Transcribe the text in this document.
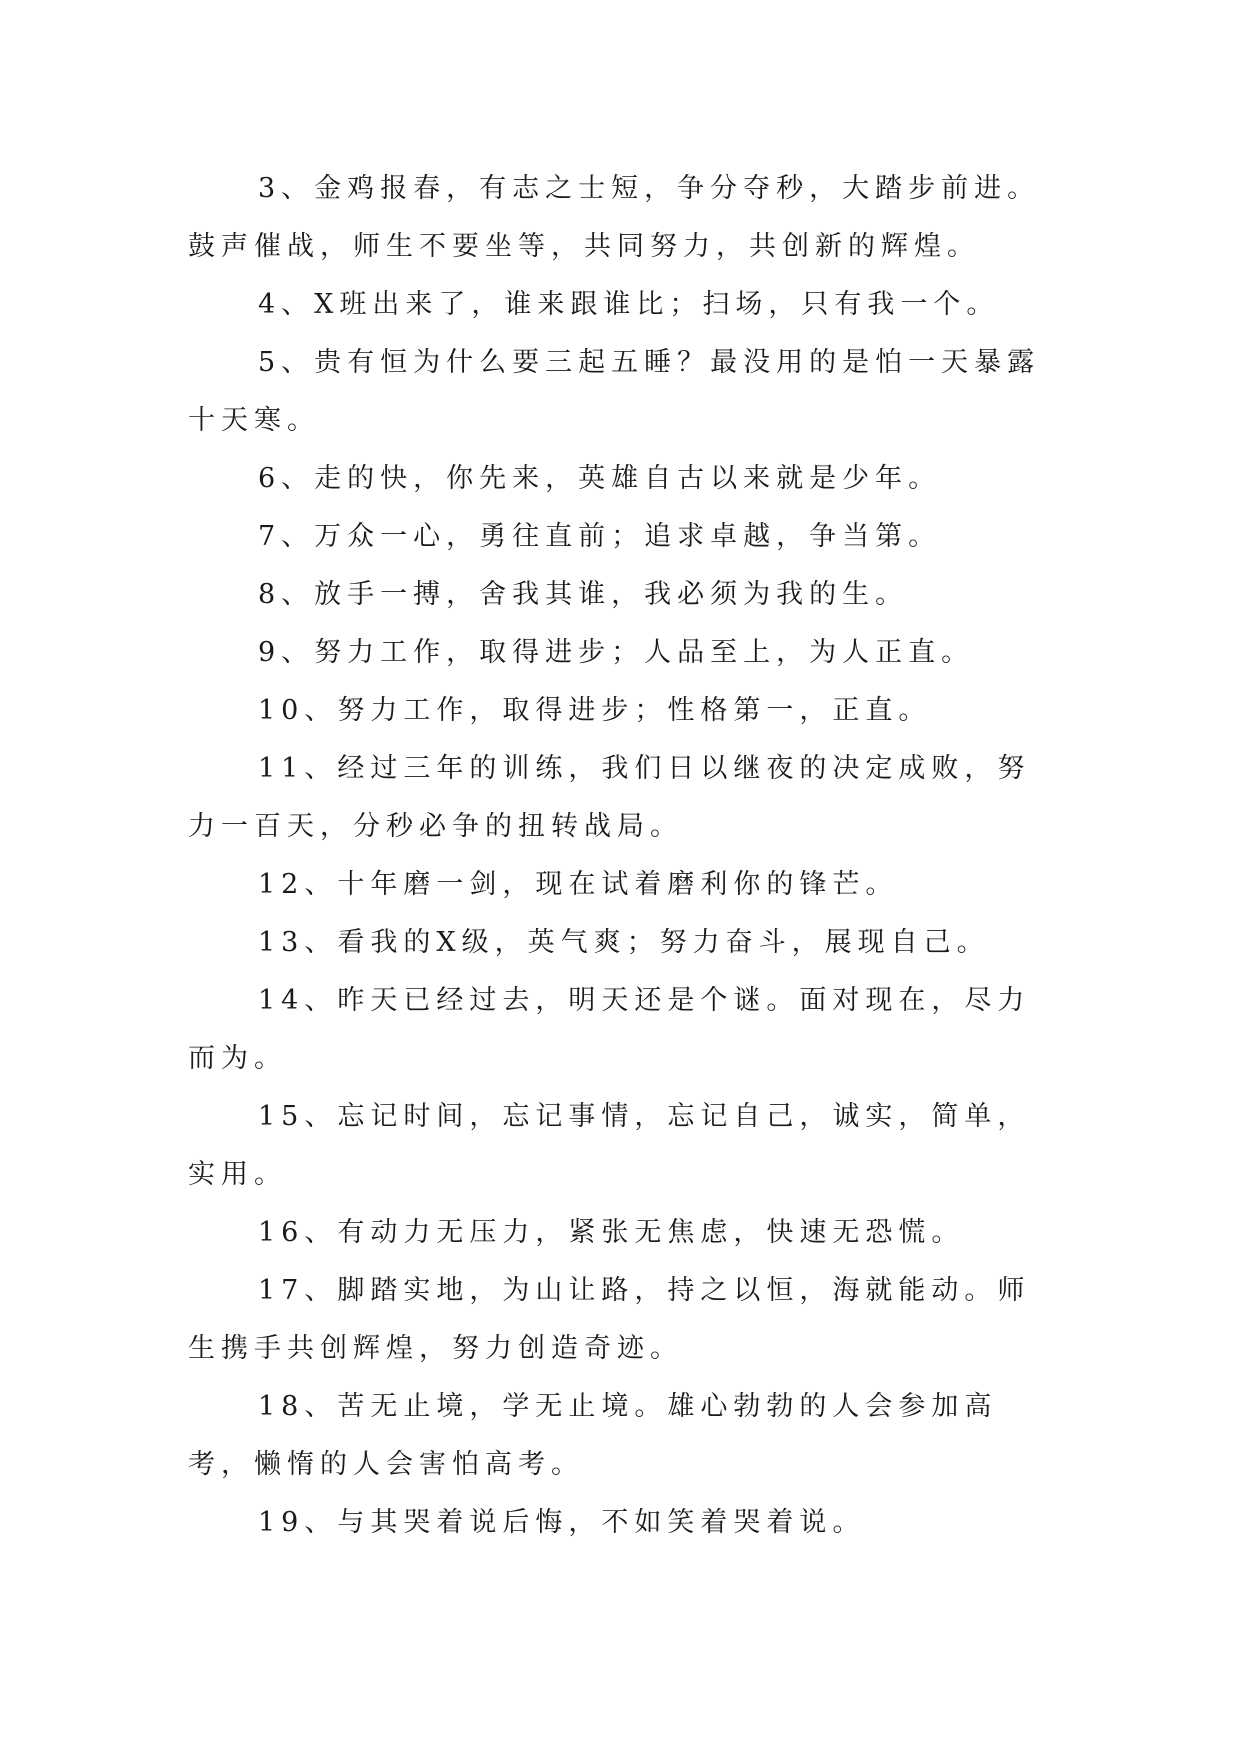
3、金鸡报春，有志之士短，争分夺秒，大踏步前进。鼓声催战，师生不要坐等，共同努力，共创新的辉煌。

4、X班出来了，谁来跟谁比；扫场，只有我一个。

5、贵有恒为什么要三起五睡？最没用的是怕一天暴露十天寒。

6、走的快，你先来，英雄自古以来就是少年。

7、万众一心，勇往直前；追求卓越，争当第。

8、放手一搏，舍我其谁，我必须为我的生。

9、努力工作，取得进步；人品至上，为人正直。

10、努力工作，取得进步；性格第一，正直。

11、经过三年的训练，我们日以继夜的决定成败，努力一百天，分秒必争的扭转战局。

12、十年磨一剑，现在试着磨利你的锋芒。

13、看我的X级，英气爽；努力奋斗，展现自己。

14、昨天已经过去，明天还是个谜。面对现在，尽力而为。

15、忘记时间，忘记事情，忘记自己，诚实，简单，实用。

16、有动力无压力，紧张无焦虑，快速无恐慌。

17、脚踏实地，为山让路，持之以恒，海就能动。师生携手共创辉煌，努力创造奇迹。

18、苦无止境，学无止境。雄心勃勃的人会参加高考，懒惰的人会害怕高考。

19、与其哭着说后悔，不如笑着哭着说。
